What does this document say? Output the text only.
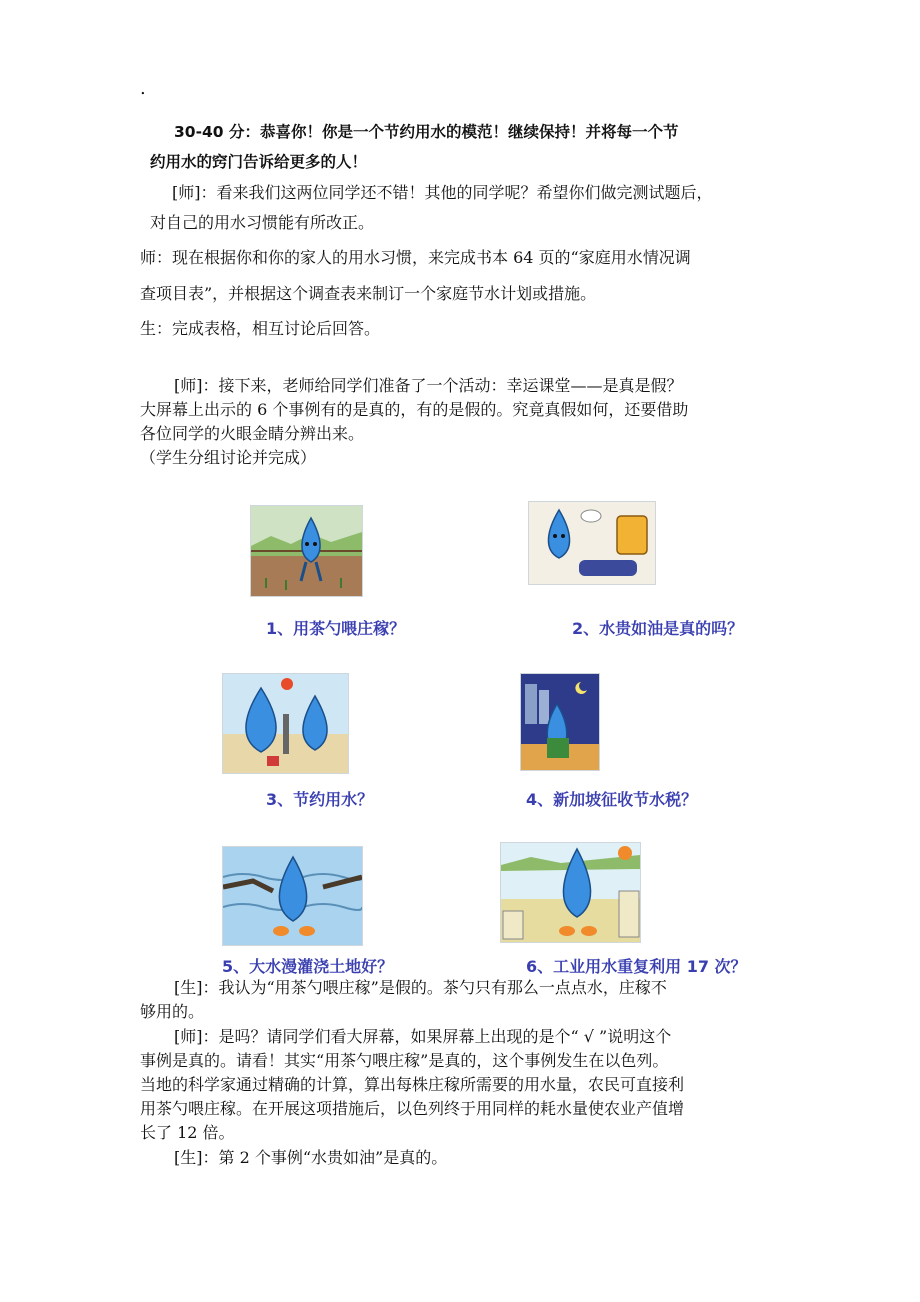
.

30-40 分：恭喜你！你是一个节约用水的模范！继续保持！并将每一个节

约用水的窍门告诉给更多的人！

[师]：看来我们这两位同学还不错！其他的同学呢？希望你们做完测试题后，

对自己的用水习惯能有所改正。

师：现在根据你和你的家人的用水习惯，来完成书本 64 页的“家庭用水情况调

查项目表”，并根据这个调查表来制订一个家庭节水计划或措施。

生：完成表格，相互讨论后回答。

[师]：接下来，老师给同学们准备了一个活动：幸运课堂——是真是假？

大屏幕上出示的 6 个事例有的是真的，有的是假的。究竟真假如何，还要借助

各位同学的火眼金睛分辨出来。

（学生分组讨论并完成）

1、用茶勺喂庄稼？	2、水贵如油是真的吗？
3、节约用水？	4、新加坡征收节水税？
5、大水漫灌浇土地好？	6、工业用水重复利用 17 次？

[生]：我认为“用茶勺喂庄稼”是假的。茶勺只有那么一点点水，庄稼不

够用的。

[师]：是吗？请同学们看大屏幕，如果屏幕上出现的是个“ √ ”说明这个

事例是真的。请看！其实“用茶勺喂庄稼”是真的，这个事例发生在以色列。

当地的科学家通过精确的计算，算出每株庄稼所需要的用水量，农民可直接利

用茶勺喂庄稼。在开展这项措施后，以色列终于用同样的耗水量使农业产值增

长了 12 倍。

[生]：第 2 个事例“水贵如油”是真的。
